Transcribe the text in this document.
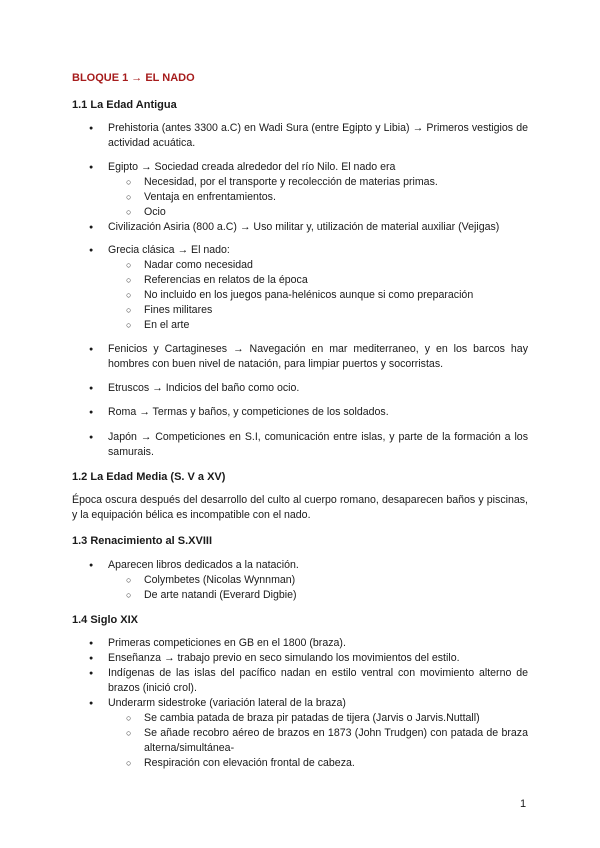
BLOQUE 1 → EL NADO
1.1 La Edad Antigua
● Prehistoria (antes 3300 a.C) en Wadi Sura (entre Egipto y Libia) → Primeros vestigios de actividad acuática.
● Egipto → Sociedad creada alrededor del río Nilo. El nado era
○ Necesidad, por el transporte y recolección de materias primas.
○ Ventaja en enfrentamientos.
○ Ocio
● Civilización Asiria (800 a.C) → Uso militar y, utilización de material auxiliar (Vejigas)
● Grecia clásica → El nado:
○ Nadar como necesidad
○ Referencias en relatos de la época
○ No incluido en los juegos pana-helénicos aunque si como preparación
○ Fines militares
○ En el arte
● Fenicios y Cartagineses → Navegación en mar mediterraneo, y en los barcos hay hombres con buen nivel de natación, para limpiar puertos y socorristas.
● Etruscos → Indicios del baño como ocio.
● Roma → Termas y baños, y competiciones de los soldados.
● Japón → Competiciones en S.I, comunicación entre islas, y parte de la formación a los samurais.
1.2 La Edad Media (S. V a XV)
Época oscura después del desarrollo del culto al cuerpo romano, desaparecen baños y piscinas, y la equipación bélica es incompatible con el nado.
1.3 Renacimiento al S.XVIII
● Aparecen libros dedicados a la natación.
○ Colymbetes (Nicolas Wynnman)
○ De arte natandi (Everard Digbie)
1.4 Siglo XIX
● Primeras competiciones en GB en el 1800 (braza).
● Enseñanza → trabajo previo en seco simulando los movimientos del estilo.
● Indígenas de las islas del pacífico nadan en estilo ventral con movimiento alterno de brazos (inició crol).
● Underarm sidestroke (variación lateral de la braza)
○ Se cambia patada de braza pir patadas de tijera (Jarvis o Jarvis.Nuttall)
○ Se añade recobro aéreo de brazos en 1873 (John Trudgen) con patada de braza alterna/simultánea-
○ Respiración con elevación frontal de cabeza.
1
